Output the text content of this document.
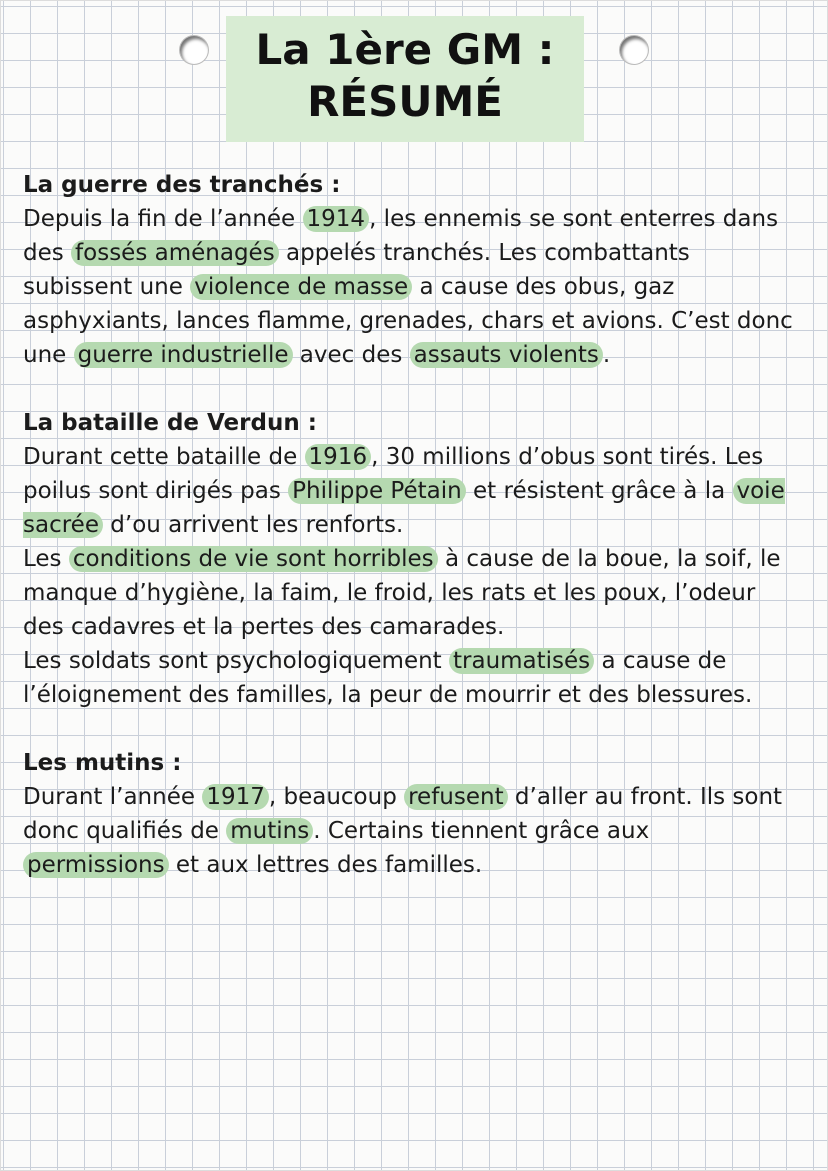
La 1ère GM :
RÉSUMÉ
La guerre des tranchés :

Depuis la fin de l’année 1914 , les ennemis se sont enterres dans des fossés aménagés appelés tranchés. Les combattants subissent une violence de masse a cause des obus, gaz asphyxiants, lances flamme, grenades, chars et avions. C’est donc une guerre industrielle avec des assauts violents .

La bataille de Verdun :

Durant cette bataille de 1916 , 30 millions d’obus sont tirés. Les poilus sont dirigés pas Philippe Pétain et résistent grâce à la voie sacrée d’ou arrivent les renforts.

Les conditions de vie sont horribles à cause de la boue, la soif, le manque d’hygiène, la faim, le froid, les rats et les poux, l’odeur des cadavres et la pertes des camarades.

Les soldats sont psychologiquement traumatisés a cause de l’éloignement des familles, la peur de mourrir et des blessures.

Les mutins :

Durant l’année 1917 , beaucoup refusent d’aller au front. Ils sont donc qualifiés de mutins . Certains tiennent grâce aux permissions et aux lettres des familles.
